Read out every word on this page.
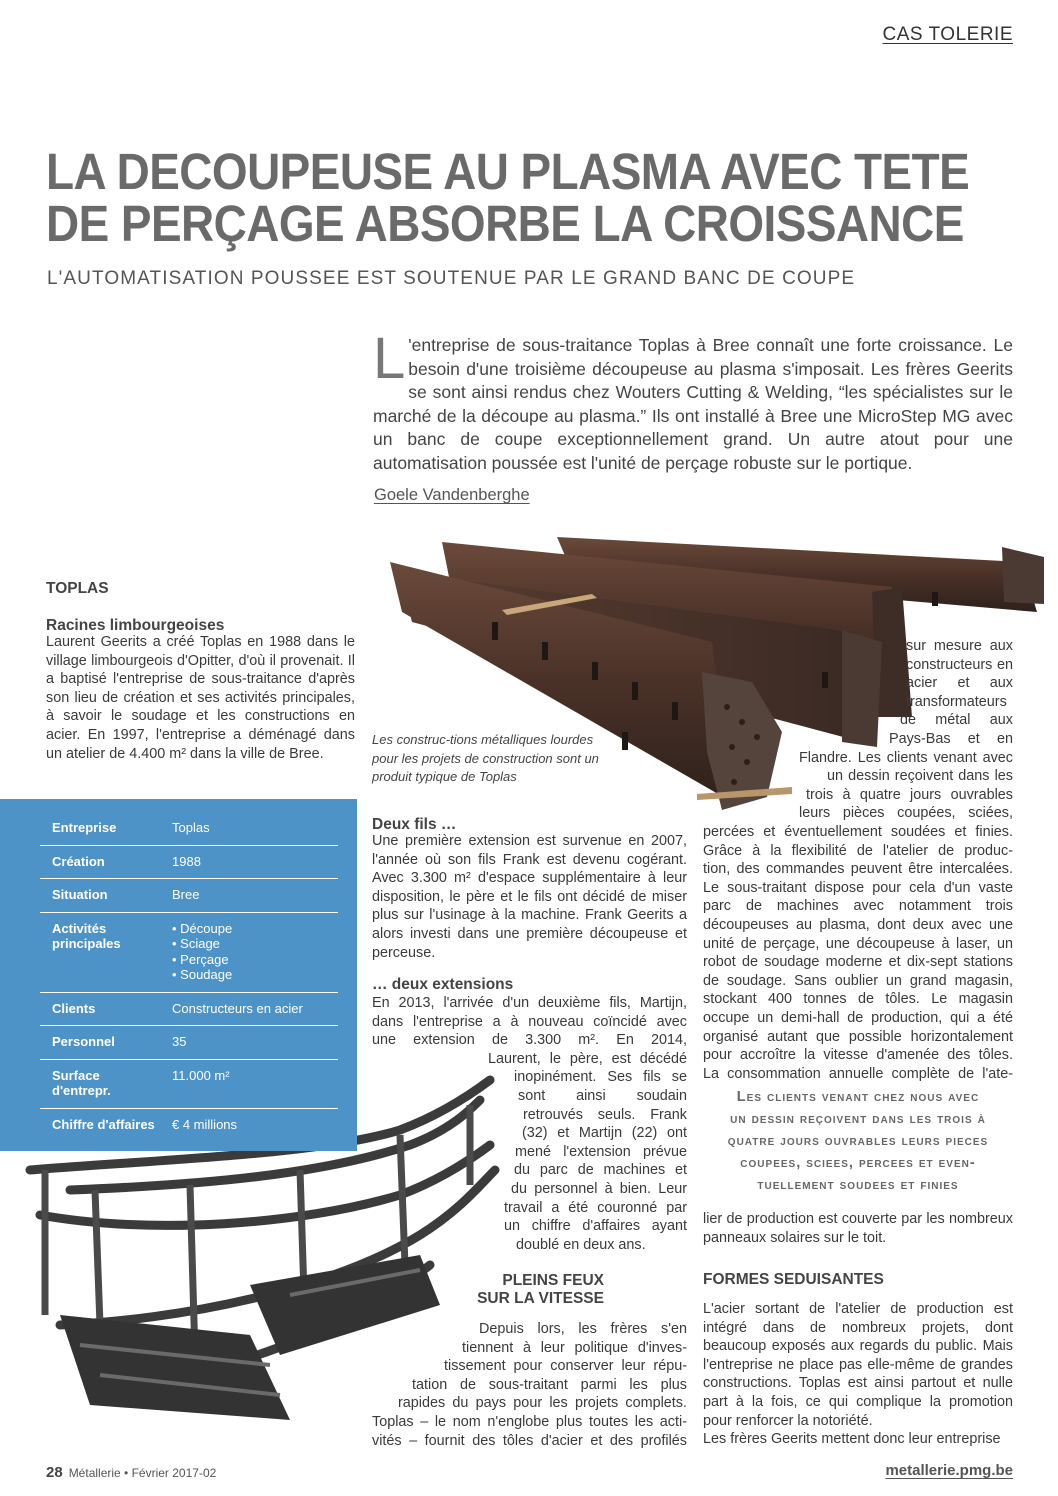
CAS TOLERIE
LA DECOUPEUSE AU PLASMA AVEC TETE
DE PERÇAGE ABSORBE LA CROISSANCE
L'AUTOMATISATION POUSSEE EST SOUTENUE PAR LE GRAND BANC DE COUPE
L 'entreprise de sous-traitance Toplas à Bree connaît une forte croissance. Le besoin d'une troisième découpeuse au plasma s'imposait. Les frères Geerits se sont ainsi rendus chez Wouters Cutting & Welding, “les spécialistes sur le marché de la découpe au plasma.” Ils ont installé à Bree une MicroStep MG avec un banc de coupe exceptionnellement grand. Un autre atout pour une automatisation poussée est l'unité de perçage robuste sur le portique.
Goele Vandenberghe
Les construc-tions métalliques lourdes pour les projets de construction sont un produit typique de Toplas
TOPLAS
Racines limbourgeoises
Laurent Geerits a créé Toplas en 1988 dans le village limbourgeois d'Opitter, d'où il provenait. Il a baptisé l'entreprise de sous-traitance d'après son lieu de création et ses activités principales, à savoir le soudage et les constructions en acier. En 1997, l'entreprise a déménagé dans un atelier de 4.400 m² dans la ville de Bree.
Entreprise	Toplas
Création	1988
Situation	Bree
Activités principales	• Découpe
• Sciage
• Perçage
• Soudage

Clients	Constructeurs en acier
Personnel	35
Surface d'entrepr.	11.000 m²
Chiffre d'affaires	€ 4 millions
Deux fils …
Une première extension est survenue en 2007, l'année où son fils Frank est devenu cogérant. Avec 3.300 m² d'espace supplémentaire à leur disposition, le père et le fils ont décidé de miser plus sur l'usinage à la machine. Frank Geerits a alors investi dans une première découpeuse et perceuse.
… deux extensions
En 2013, l'arrivée d'un deuxième fils, Martijn,
dans l'entreprise a à nouveau coïncidé avec
une extension de 3.300 m². En 2014,
Laurent, le père, est décédé
inopinément. Ses fils se
sont ainsi soudain
retrouvés seuls. Frank
(32) et Martijn (22) ont
mené l'extension prévue
du parc de machines et
du personnel à bien. Leur
travail a été couronné par
un chiffre d'affaires ayant
doublé en deux ans.
PLEINS FEUX
SUR LA VITESSE
Depuis lors, les frères s'en
tiennent à leur politique d'inves-
tissement pour conserver leur répu-
tation de sous-traitant parmi les plus
rapides du pays pour les projets complets.
Toplas – le nom n'englobe plus toutes les acti-
vités – fournit des tôles d'acier et des profilés
sur mesure aux
constructeurs en
acier et aux
transformateurs
de métal aux
Pays-Bas et en
Flandre. Les clients venant avec
un dessin reçoivent dans les
trois à quatre jours ouvrables
leurs pièces coupées, sciées,
percées et éventuellement soudées et finies.
Grâce à la flexibilité de l'atelier de produc-
tion, des commandes peuvent être intercalées.
Le sous-traitant dispose pour cela d'un vaste
parc de machines avec notamment trois
découpeuses au plasma, dont deux avec une
unité de perçage, une découpeuse à laser, un
robot de soudage moderne et dix-sept stations
de soudage. Sans oublier un grand magasin,
stockant 400 tonnes de tôles. Le magasin
occupe un demi-hall de production, qui a été
organisé autant que possible horizontalement
pour accroître la vitesse d'amenée des tôles.
La consommation annuelle complète de l'ate-
Les clients venant chez nous avec
un dessin reçoivent dans les trois à
quatre jours ouvrables leurs pieces
coupees, sciees, percees et even-
tuellement soudees et finies
lier de production est couverte par les nombreux panneaux solaires sur le toit.
FORMES SEDUISANTES
L'acier sortant de l'atelier de production est intégré dans de nombreux projets, dont beaucoup exposés aux regards du public. Mais l'entreprise ne place pas elle-même de grandes constructions. Toplas est ainsi partout et nulle part à la fois, ce qui complique la promotion pour renforcer la notoriété.
Les frères Geerits mettent donc leur entreprise
28 Métallerie • Février 2017-02	metallerie.pmg.be
